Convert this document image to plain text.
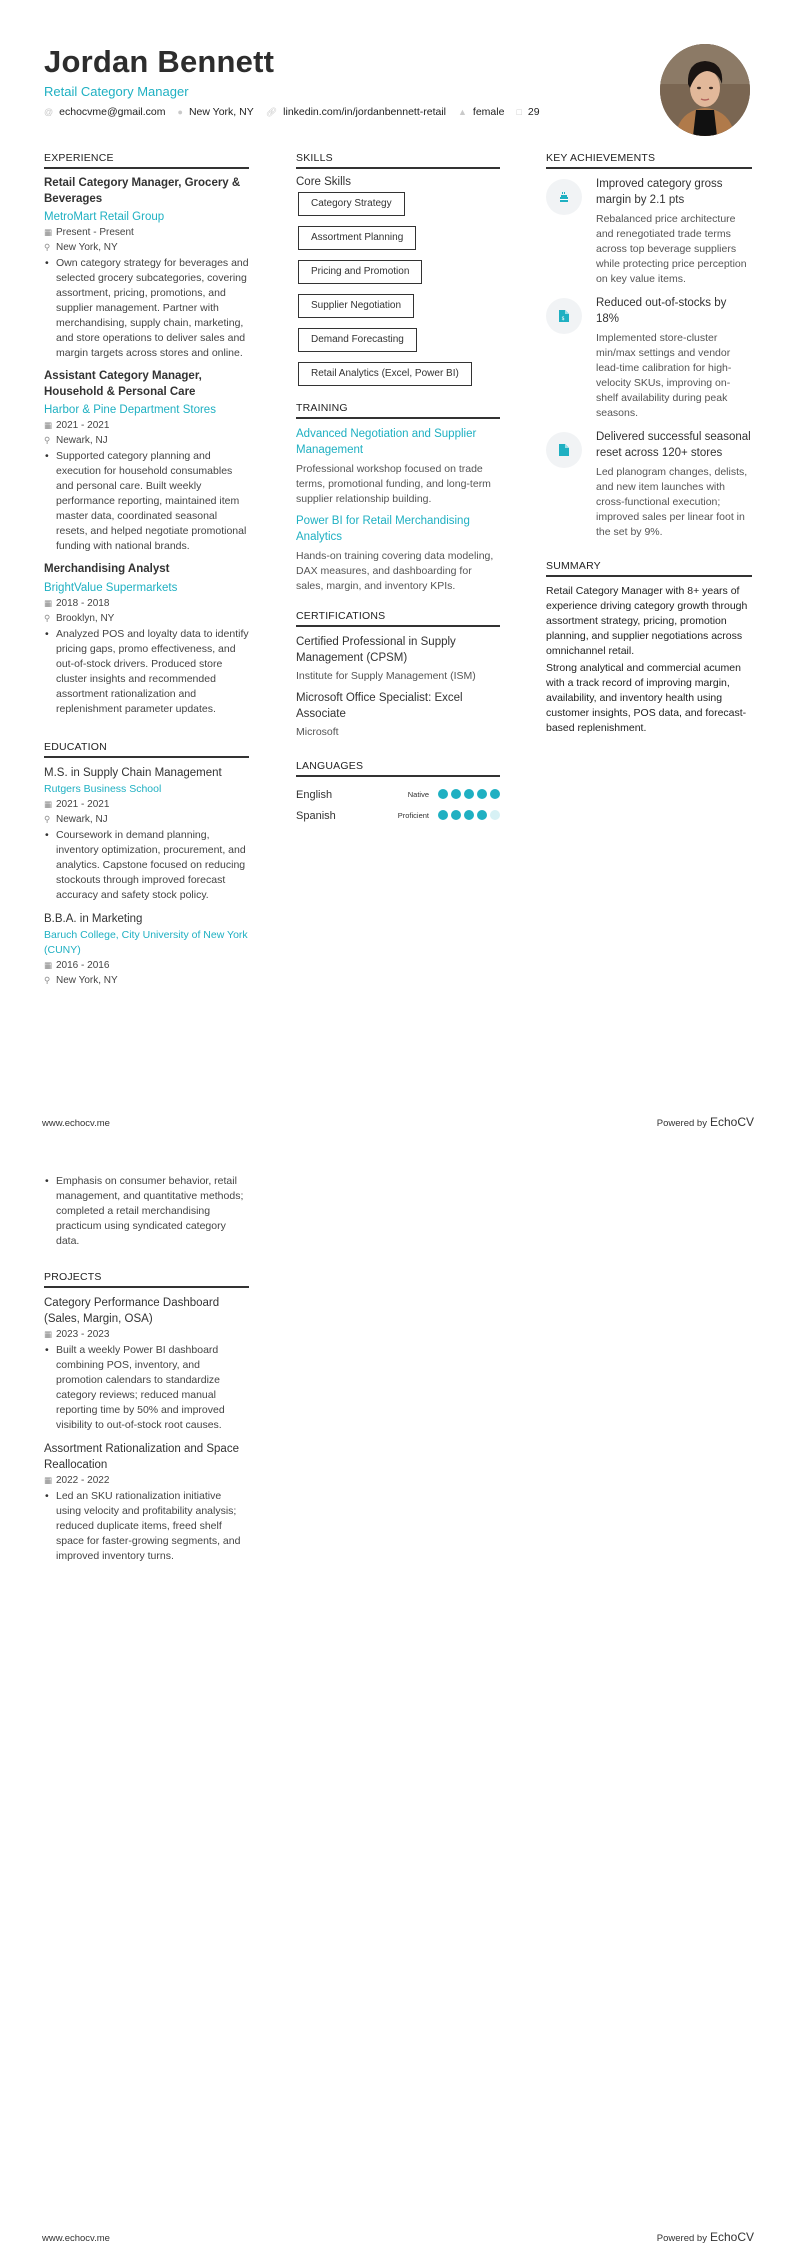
Jordan Bennett
Retail Category Manager
@ echocvme@gmail.com ● New York, NY 🔗︎ linkedin.com/in/jordanbennett-retail ▲ female □ 29
EXPERIENCE
Retail Category Manager, Grocery & Beverages
MetroMart Retail Group
▦ Present - Present
⚲ New York, NY
• Own category strategy for beverages and selected grocery subcategories, covering assortment, pricing, promotions, and supplier management. Partner with merchandising, supply chain, marketing, and store operations to deliver sales and margin targets across stores and online.
Assistant Category Manager, Household & Personal Care
Harbor & Pine Department Stores
▦ 2021 - 2021
⚲ Newark, NJ
• Supported category planning and execution for household consumables and personal care. Built weekly performance reporting, maintained item master data, coordinated seasonal resets, and helped negotiate promotional funding with national brands.
Merchandising Analyst
BrightValue Supermarkets
▦ 2018 - 2018
⚲ Brooklyn, NY
• Analyzed POS and loyalty data to identify pricing gaps, promo effectiveness, and out-of-stock drivers. Produced store cluster insights and recommended assortment rationalization and replenishment parameter updates.
EDUCATION
M.S. in Supply Chain Management
Rutgers Business School
▦ 2021 - 2021
⚲ Newark, NJ
• Coursework in demand planning, inventory optimization, procurement, and analytics. Capstone focused on reducing stockouts through improved forecast accuracy and safety stock policy.
B.B.A. in Marketing
Baruch College, City University of New York (CUNY)
▦ 2016 - 2016
⚲ New York, NY
SKILLS
Core Skills
Category Strategy
Assortment Planning
Pricing and Promotion
Supplier Negotiation
Demand Forecasting
Retail Analytics (Excel, Power BI)
TRAINING
Advanced Negotiation and Supplier Management
Professional workshop focused on trade terms, promotional funding, and long-term supplier relationship building.
Power BI for Retail Merchandising Analytics
Hands-on training covering data modeling, DAX measures, and dashboarding for sales, margin, and inventory KPIs.
CERTIFICATIONS
Certified Professional in Supply Management (CPSM)
Institute for Supply Management (ISM)
Microsoft Office Specialist: Excel Associate
Microsoft
LANGUAGES
English	Native
Spanish	Proficient
KEY ACHIEVEMENTS
Improved category gross margin by 2.1 pts
Rebalanced price architecture and renegotiated trade terms across top beverage suppliers while protecting price perception on key value items.
$
Reduced out-of-stocks by 18%
Implemented store-cluster min/max settings and vendor lead-time calibration for high-velocity SKUs, improving on-shelf availability during peak seasons.
Delivered successful seasonal reset across 120+ stores
Led planogram changes, delists, and new item launches with cross-functional execution; improved sales per linear foot in the set by 9%.
SUMMARY

Retail Category Manager with 8+ years of experience driving category growth through assortment strategy, pricing, promotion planning, and supplier negotiations across omnichannel retail.

Strong analytical and commercial acumen with a track record of improving margin, availability, and inventory health using customer insights, POS data, and forecast-based replenishment.

www.echocv.me	Powered by EchoCV
• Emphasis on consumer behavior, retail management, and quantitative methods; completed a retail merchandising practicum using syndicated category data.
PROJECTS
Category Performance Dashboard (Sales, Margin, OSA)
▦ 2023 - 2023
• Built a weekly Power BI dashboard combining POS, inventory, and promotion calendars to standardize category reviews; reduced manual reporting time by 50% and improved visibility to out-of-stock root causes.
Assortment Rationalization and Space Reallocation
▦ 2022 - 2022
• Led an SKU rationalization initiative using velocity and profitability analysis; reduced duplicate items, freed shelf space for faster-growing segments, and improved inventory turns.
www.echocv.me	Powered by EchoCV
